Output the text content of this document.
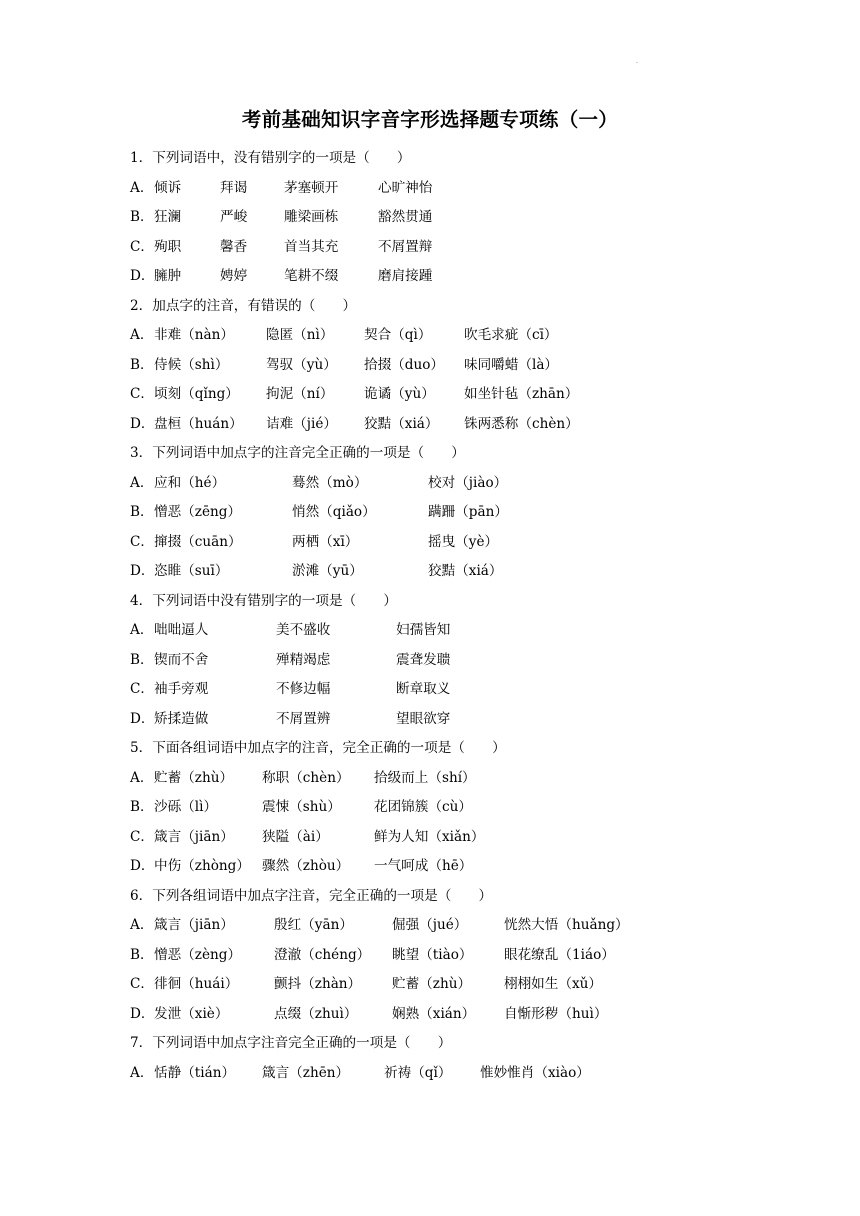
.
考前基础知识字音字形选择题专项练（一）
1．下列词语中，没有错别字的一项是（　　）
A． 倾诉	拜谒	茅塞顿开	心旷神怡
B． 狂澜	严峻	雕梁画栋	豁然贯通
C． 殉职	馨香	首当其充	不屑置辩
D． 臃肿	娉婷	笔耕不缀	磨肩接踵
2．加点字的注音，有错误的（　　）
A． 非难（nàn） 隐匿（nì） 契合（qì） 吹毛求疵（cī）
B． 侍候（shì）	驾驭（yù） 拾掇（duo） 味同嚼蜡（là）
C． 顷刻（qǐng） 拘泥（ní） 诡谲（yù） 如坐针毡（zhān）
D． 盘桓（huán） 诘难（jié） 狡黠（xiá） 铢两悉称（chèn）
3．下列词语中加点字的注音完全正确的一项是（　　）
A． 应和（hé）	蓦然（mò）	校对（jiào）
B． 憎恶（zēng）	悄然（qiǎo）	蹒跚（pān）
C． 撺掇（cuān）	两栖（xī）	摇曳（yè）
D． 恣睢（suī）	淤滩（yū）	狡黠（xiá）
4．下列词语中没有错别字的一项是（　　）
A． 咄咄逼人	美不盛收	妇孺皆知
B． 锲而不舍	殚精竭虑	震聋发聩
C． 袖手旁观	不修边幅	断章取义
D． 矫揉造做	不屑置辨	望眼欲穿
5．下面各组词语中加点字的注音，完全正确的一项是（　　）
A． 贮蓄（zhù） 称职（chèn） 拾级而上（shí）
B． 沙砾（lì）	震悚（shù） 花团锦簇（cù）
C． 箴言（jiān） 狭隘（ài）	鲜为人知（xiǎn）
D． 中伤（zhòng） 骤然（zhòu） 一气呵成（hē）
6．下列各组词语中加点字注音，完全正确的一项是（　　）
A． 箴言（jiān）	殷红（yān）	倔强（jué）	恍然大悟（huǎng）
B． 憎恶（zèng） 澄澈（chéng） 眺望（tiào） 眼花缭乱（1iáo）
C． 徘徊（huái）	颤抖（zhàn） 贮蓄（zhù） 栩栩如生（xǔ）
D． 发泄（xiè）	点缀（zhuì）	娴熟（xián） 自惭形秽（huì）
7．下列词语中加点字注音完全正确的一项是（　　）
A． 恬静（tián） 箴言（zhēn）	祈祷（qǐ） 惟妙惟肖（xiào）
